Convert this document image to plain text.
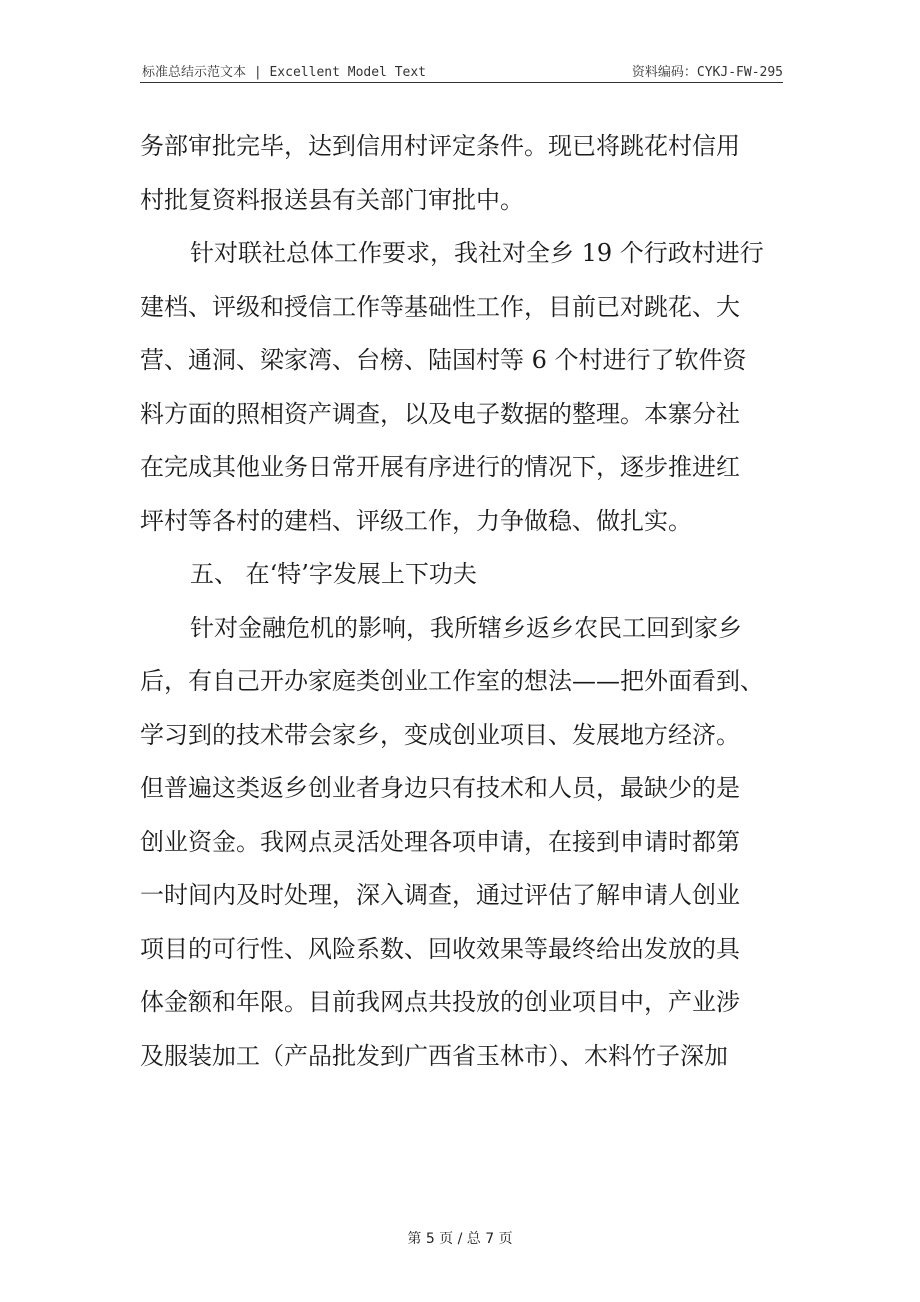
标准总结示范文本 | Excellent Model Text	资料编码：CYKJ-FW-295
务部审批完毕，达到信用村评定条件。现已将跳花村信用
村批复资料报送县有关部门审批中。
针对联社总体工作要求，我社对全乡 19 个行政村进行
建档、评级和授信工作等基础性工作，目前已对跳花、大
营、通洞、梁家湾、台榜、陆国村等 6 个村进行了软件资
料方面的照相资产调查，以及电子数据的整理。本寨分社
在完成其他业务日常开展有序进行的情况下，逐步推进红
坪村等各村的建档、评级工作，力争做稳、做扎实。
五、 在‘特’字发展上下功夫
针对金融危机的影响，我所辖乡返乡农民工回到家乡
后，有自己开办家庭类创业工作室的想法——把外面看到、
学习到的技术带会家乡，变成创业项目、发展地方经济。
但普遍这类返乡创业者身边只有技术和人员，最缺少的是
创业资金。我网点灵活处理各项申请，在接到申请时都第
一时间内及时处理，深入调查，通过评估了解申请人创业
项目的可行性、风险系数、回收效果等最终给出发放的具
体金额和年限。目前我网点共投放的创业项目中，产业涉
及服装加工（产品批发到广西省玉林市）、木料竹子深加
第 5 页 / 总 7 页
